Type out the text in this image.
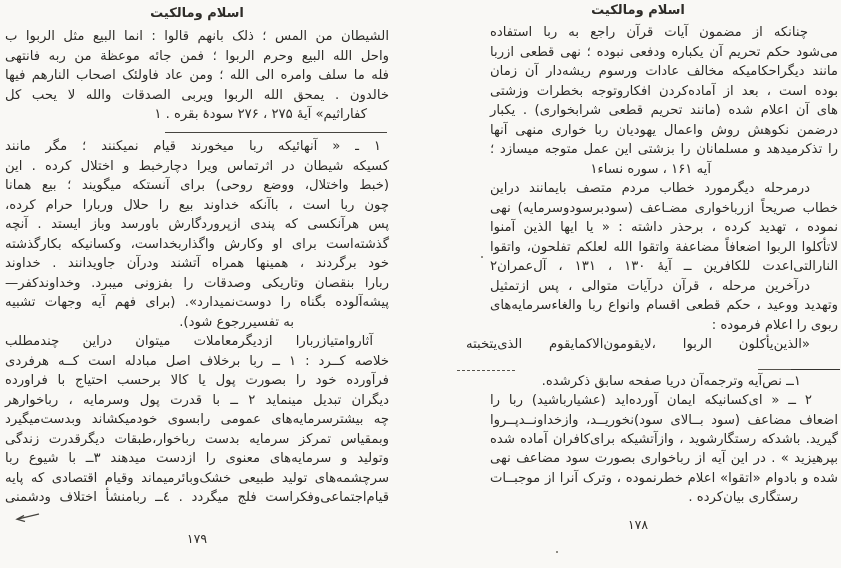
اسلام ومالکیت
الشیطان من المس ؛ ذلک بانهم قالوا : انما البیع مثل الربوا ب
واحل الله البیع وحرم الربوا ؛ فمن جائه موعظة من ربه فانتهی
فله ما سلف وامره الی الله ؛ ومن عاد فاولئک اصحاب النارهم فیها
خالدون . یمحق الله الربوا ویربی الصدقات والله لا یحب کل
کفاراثیم» آیهٔ ۲۷۵ ، ۲۷۶ سودهٔ بقره . ۱
۱ ـ « آنهائیکه ربا میخورند قیام نمیکنند ؛ مگر مانند
کسیکه شیطان در اثرتماس ویرا دچارخبط و اختلال کرده . این
(خبط واختلال، ووضع روحی) برای آنستکه میگویند ؛ بیع همانا
چون ربا است ، باآنکه خداوند بیع را حلال وربارا حرام کرده،
پس هرآنکسی که پندی ازپروردگارش باورسد وباز ایستد . آنچه
گذشته‌است برای او وکارش واگذاربخداست، وکسانیکه بکارگذشته
خود برگردند ، همینها همراه آتشند ودرآن جاویدانند . خداوند
ربارا بنقصان وتاریکی وصدقات را بفزونی میبرد. وخداوندکفر—
پیشه‌آلوده بگناه را دوست‌نمیدارد». (برای فهم آیه وجهات تشبیه
به تفسیررجوع شود).
آثاروامتیازربارا ازدیگرمعاملات میتوان دراین چندمطلب
خلاصه کــرد : ۱ ــ ربا برخلاف اصل مبادله است کــه هرفردی
فرآورده خود را بصورت پول یا کالا برحسب احتیاج با فراورده
دیگران تبدیل مینماید ۲ ــ با قدرت پول وسرمایه ، رباخوارهر
چه بیشترسرمایه‌های عمومی رابسوی خودمیکشاند وبدست‌میگیرد
وبمقیاس تمرکز سرمایه بدست رباخوار،طبقات دیگرقدرت زندگی
وتولید و سرمایه‌های معنوی را ازدست میدهند ۳ــ با شیوع ربا
سرچشمه‌های تولید طبیعی خشک‌وبائرمیماند وقیام اقتصادی که پایه
قیام‌اجتماعی‌وفکراست فلج میگردد . ٤ــ ربامنشأ اختلاف ودشمنی
۱۷۹
اسلام ومالکیت
چنانکه از مضمون آیات قرآن راجع به ربا استفاده
می‌شود حکم تحریم آن یکباره ودفعی نبوده ؛ نهی قطعی ازربا
مانند دیگراحکامیکه مخالف عادات ورسوم ریشه‌دار آن زمان
بوده است ، بعد از آماده‌کردن افکاروتوجه بخطرات وزشتی‌
های آن اعلام شده (مانند تحریم قطعی شرابخواری) . یکبار
درضمن نکوهش روش واعمال یهودیان ربا خواری منهی آنها
را تذکرمیدهد و مسلمانان را بزشتی این عمل متوجه میسازد ؛
آیه ۱۶۱ ، سوره نساء۱
درمرحله دیگرمورد خطاب مردم متصف بایمانند دراین
خطاب صریحاً ازرباخواری مضـاعف (سودبرسودوسرمایه) نهی
نموده ، تهدید کرده ، برحذر داشته : « یا ایها الذین آمنوا
لاتأکلوا الربوا اضعافاً مضاعفة واتقوا الله لعلکم تفلحون، واتقوا
النارالتی‌اعدت للکافرین ــ آیهٔ ۱۳۰ ، ۱۳۱ ، آل‌عمران۲
درآخرین مرحله ، قرآن درآیات متوالی ، پس ازتمثیل
وتهدید ووعید ، حکم قطعی اقسام وانواع ربا والغاءسرمایه‌های
ربوی را اعلام فرموده :
«الذین‌یأکلون الربوا ،لایقومون‌الاکمایقوم الذی‌یتخبته
۱ــ نص‌آیه وترجمه‌آن دریا صفحه سابق ذکرشده.
۲ ــ « ای‌کسانیکه ایمان آورده‌اید (عشیارباشید) ربا را
اضعاف مضاعف (سود بــالای سود)نخوریــد، وازخداونــدپــروا
گیرید. باشدکه رستگارشوید ، وازآتشیکه برای‌کافران آماده شده
بپرهیزید » . در این آیه از رباخواری بصورت سود مضاعف نهی
شده و بادوام «اتقوا» اعلام خطرنموده ، وترک آنرا از موجبــات
رستگاری بیان‌کرده .
۱۷۸
